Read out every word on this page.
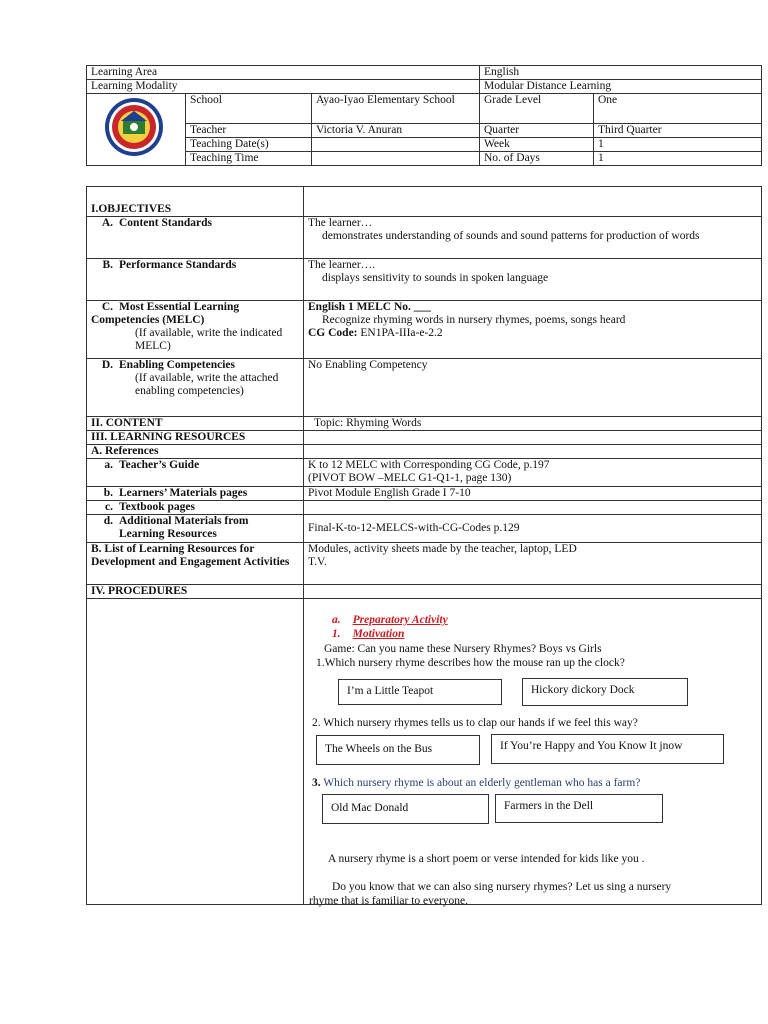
Learning Area			English	
Learning Modality			Modular Distance Learning	
	School	Ayao-Iyao Elementary School	Grade Level	One
	Teacher	Victoria V. Anuran	Quarter	Third Quarter
	Teaching Date(s)		Week	1
	Teaching Time		No. of Days	1
I.OBJECTIVES	
A. Content Standards	The learner…
demonstrates understanding of sounds and sound patterns for production of words

B. Performance Standards	The learner….
displays sensitivity to sounds in spoken language

C. Most Essential Learning Competencies (MELC)
(If available, write the indicated MELC)	English 1 MELC No. ___
Recognize rhyming words in nursery rhymes, poems, songs heard
CG Code: EN1PA-IIIa-e-2.2
D. Enabling Competencies
(If available, write the attached enabling competencies)	No Enabling Competency
II. CONTENT	Topic: Rhyming Words
III. LEARNING RESOURCES	
A. References	
a. Teacher’s Guide	K to 12 MELC with Corresponding CG Code, p.197
(PIVOT BOW –MELC G1-Q1-1, page 130)
b. Learners’ Materials pages	Pivot Module English Grade I 7-10
c. Textbook pages	
d. Additional Materials from Learning Resources	Final-K-to-12-MELCS-with-CG-Codes p.129
B. List of Learning Resources for Development and Engagement Activities	Modules, activity sheets made by the teacher, laptop, LED T.V.
IV. PROCEDURES	

a. Preparatory Activity
1. Motivation
Game: Can you name these Nursery Rhymes? Boys vs Girls
1.Which nursery rhyme describes how the mouse ran up the clock?
I’m a Little Teapot	Hickory dickory Dock
2. Which nursery rhymes tells us to clap our hands if we feel this way?
The Wheels on the Bus	If You’re Happy and You Know It jnow
3. Which nursery rhyme is about an elderly gentleman who has a farm?
Old Mac Donald	Farmers in the Dell
A nursery rhyme is a short poem or verse intended for kids like you .
Do you know that we can also sing nursery rhymes? Let us sing a nursery
rhyme that is familiar to everyone.
